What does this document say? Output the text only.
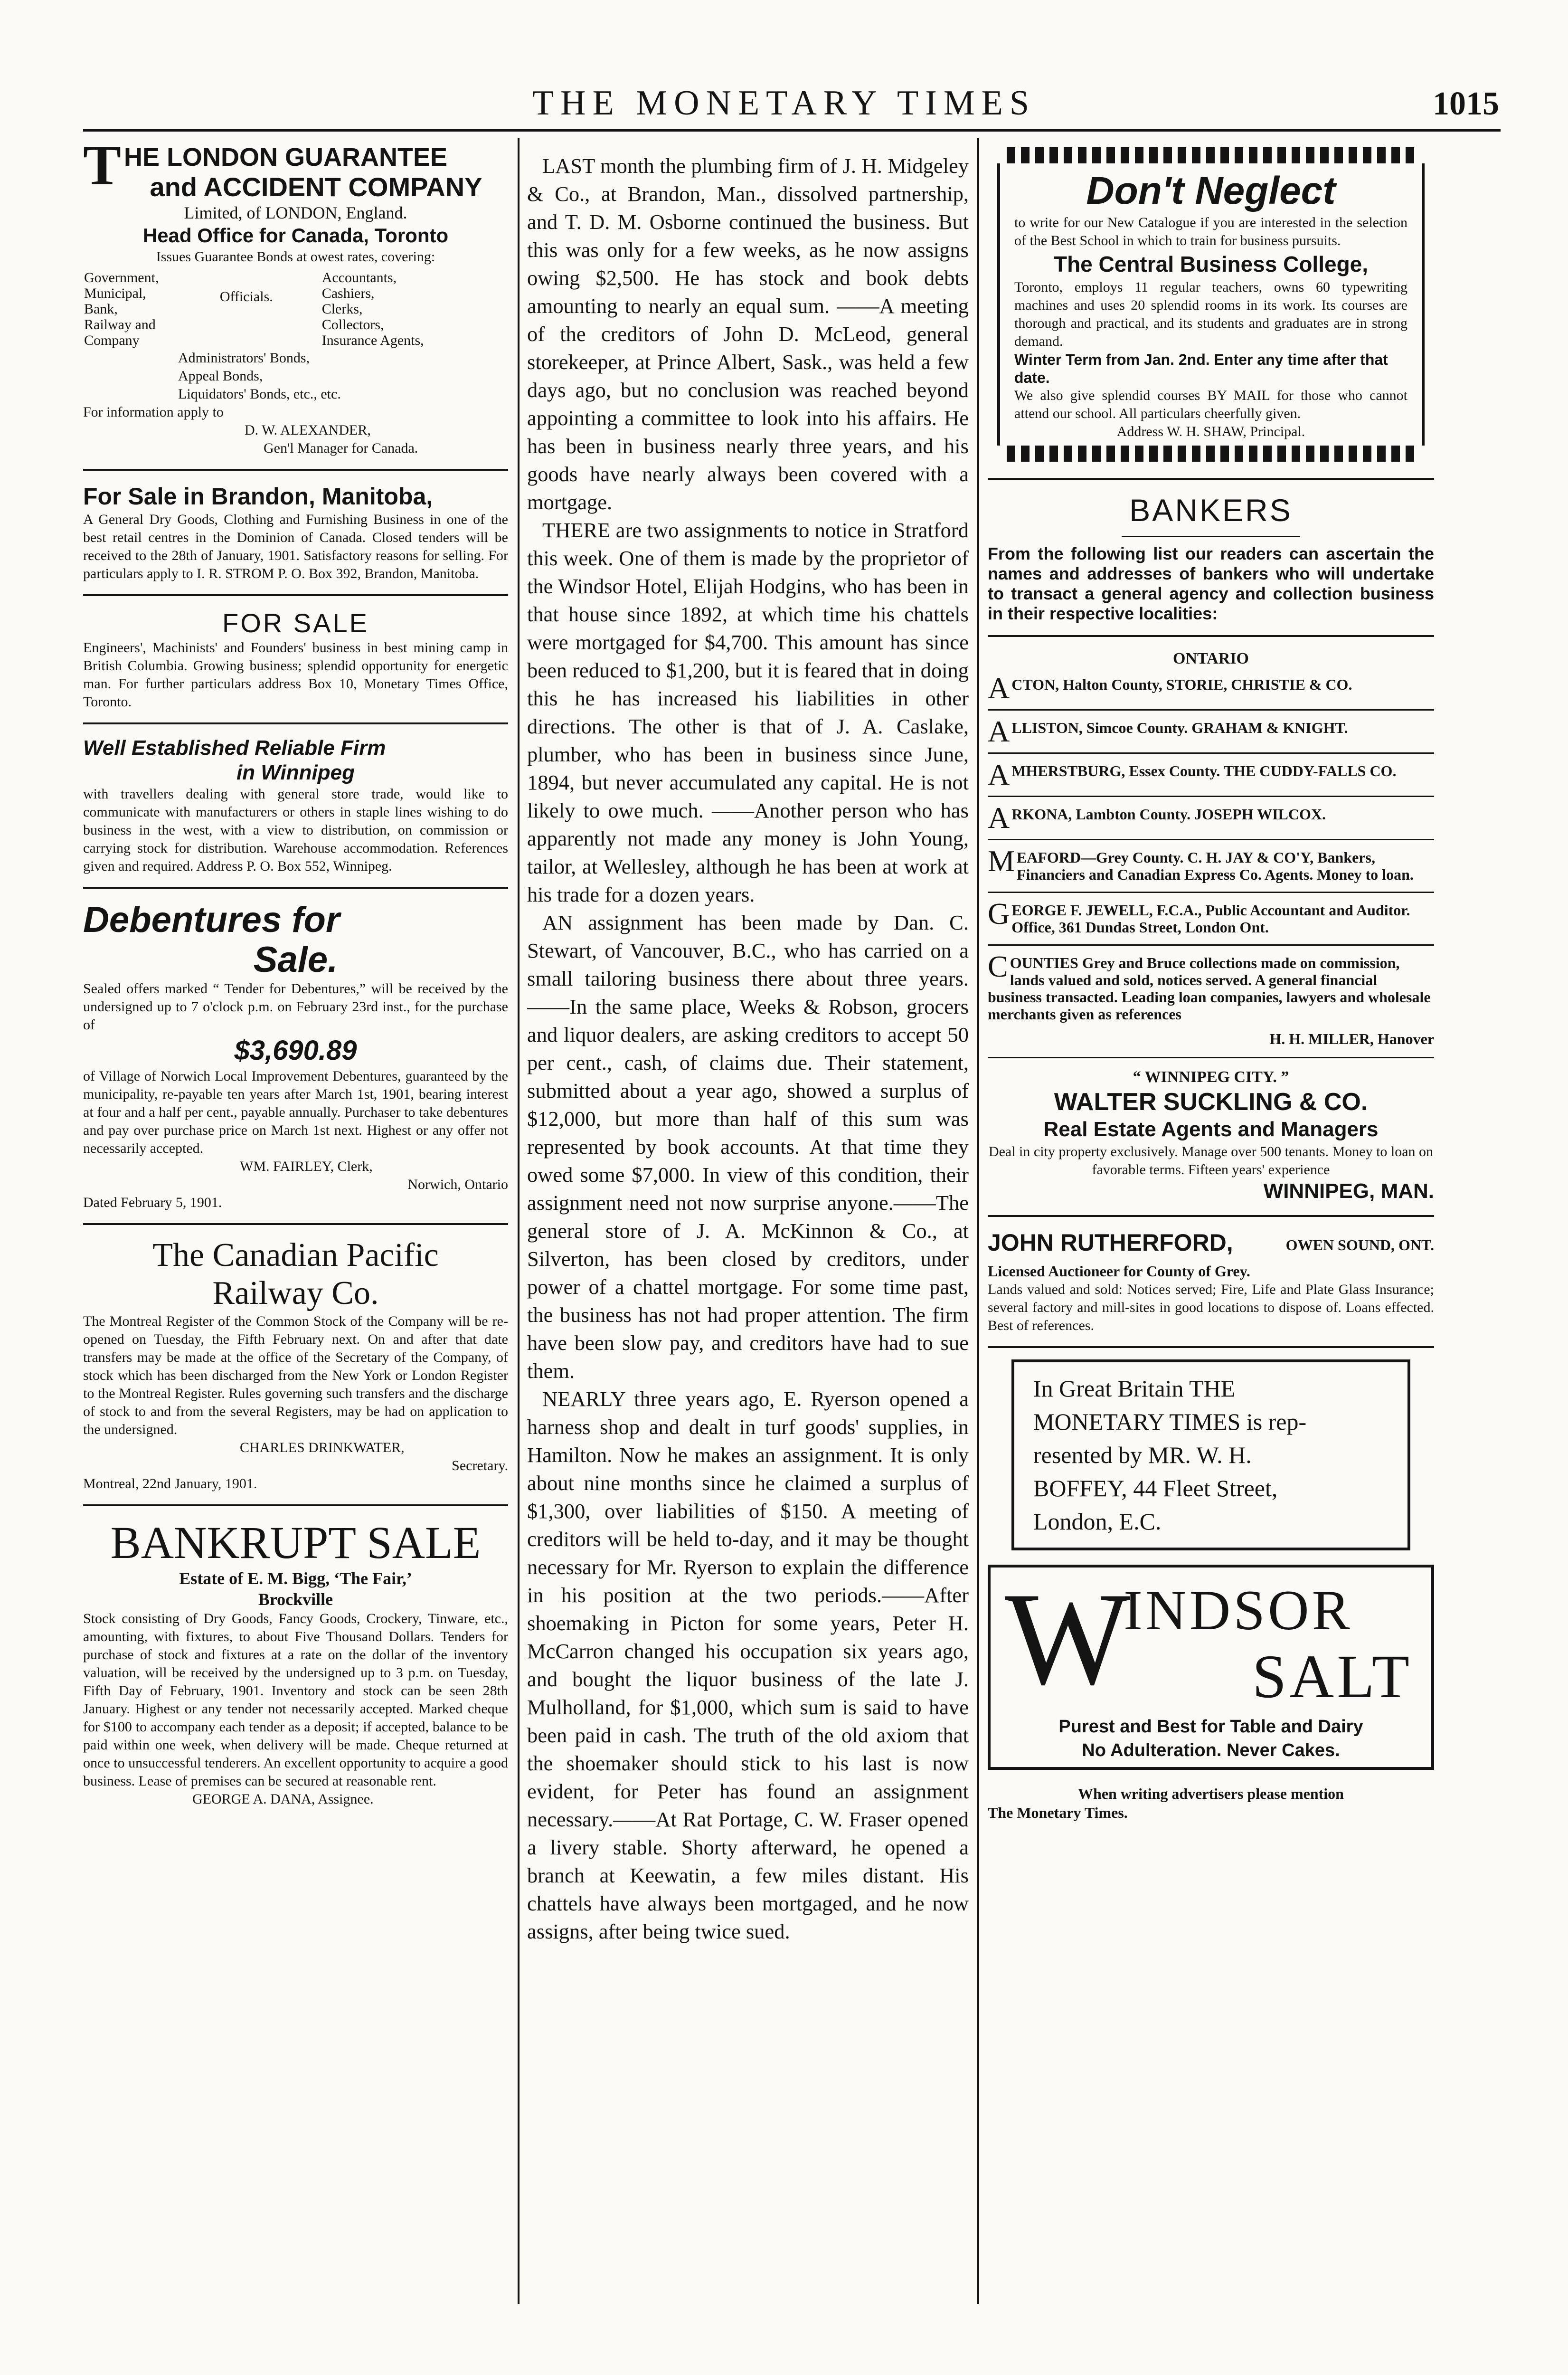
THE MONETARY TIMES	1015
T HE LONDON GUARANTEE
and ACCIDENT COMPANY
Limited, of LONDON, England.
Head Office for Canada, Toronto
Issues Guarantee Bonds at owest rates, covering:
Government,
Municipal,
Bank,
Railway and
Company
	Officials.	
Accountants,
Cashiers,
Clerks,
Collectors,
Insurance Agents,
Administrators' Bonds,
Appeal Bonds,
Liquidators' Bonds, etc., etc.
For information apply to
D. W. ALEXANDER,
Gen'l Manager for Canada.
For Sale in Brandon, Manitoba,
A General Dry Goods, Clothing and Furnishing Business in one of the best retail centres in the Dominion of Canada. Closed tenders will be received to the 28th of January, 1901. Satisfactory reasons for selling. For particulars apply to I. R. STROM P. O. Box 392, Brandon, Manitoba.
FOR SALE
Engineers', Machinists' and Founders' business in best mining camp in British Columbia. Growing business; splendid opportunity for energetic man. For further particulars address Box 10, Monetary Times Office, Toronto.
Well Established Reliable Firm
in Winnipeg
with travellers dealing with general store trade, would like to communicate with manufacturers or others in staple lines wishing to do business in the west, with a view to distribution, on commission or carrying stock for distribution. Warehouse accommodation. References given and required. Address P. O. Box 552, Winnipeg.
Debentures for
Sale.
Sealed offers marked “ Tender for Debentures,” will be received by the undersigned up to 7 o'clock p.m. on February 23rd inst., for the purchase of
$3,690.89
of Village of Norwich Local Improvement Debentures, guaranteed by the municipality, re-payable ten years after March 1st, 1901, bearing interest at four and a half per cent., payable annually. Purchaser to take debentures and pay over purchase price on March 1st next. Highest or any offer not necessarily accepted.
WM. FAIRLEY, Clerk,
Norwich, Ontario
Dated February 5, 1901.
The Canadian Pacific
Railway Co.
The Montreal Register of the Common Stock of the Company will be re-opened on Tuesday, the Fifth February next. On and after that date transfers may be made at the office of the Secretary of the Company, of stock which has been discharged from the New York or London Register to the Montreal Register. Rules governing such transfers and the discharge of stock to and from the several Registers, may be had on application to the undersigned.
CHARLES DRINKWATER,
Secretary.
Montreal, 22nd January, 1901.
BANKRUPT SALE
Estate of E. M. Bigg, ‘The Fair,’
Brockville
Stock consisting of Dry Goods, Fancy Goods, Crockery, Tinware, etc., amounting, with fixtures, to about Five Thousand Dollars. Tenders for purchase of stock and fixtures at a rate on the dollar of the inventory valuation, will be received by the undersigned up to 3 p.m. on Tuesday, Fifth Day of February, 1901. Inventory and stock can be seen 28th January. Highest or any tender not necessarily accepted. Marked cheque for $100 to accompany each tender as a deposit; if accepted, balance to be paid within one week, when delivery will be made. Cheque returned at once to unsuccessful tenderers. An excellent opportunity to acquire a good business. Lease of premises can be secured at reasonable rent.
GEORGE A. DANA, Assignee.

LAST month the plumbing firm of J. H. Midgeley & Co., at Brandon, Man., dissolved partnership, and T. D. M. Osborne continued the business. But this was only for a few weeks, as he now assigns owing $2,500. He has stock and book debts amounting to nearly an equal sum. ——A meeting of the creditors of John D. McLeod, general storekeeper, at Prince Albert, Sask., was held a few days ago, but no conclusion was reached beyond appointing a committee to look into his affairs. He has been in business nearly three years, and his goods have nearly always been covered with a mortgage.

THERE are two assignments to notice in Stratford this week. One of them is made by the proprietor of the Windsor Hotel, Elijah Hodgins, who has been in that house since 1892, at which time his chattels were mortgaged for $4,700. This amount has since been reduced to $1,200, but it is feared that in doing this he has increased his liabilities in other directions. The other is that of J. A. Caslake, plumber, who has been in business since June, 1894, but never accumulated any capital. He is not likely to owe much. ——Another person who has apparently not made any money is John Young, tailor, at Wellesley, although he has been at work at his trade for a dozen years.

AN assignment has been made by Dan. C. Stewart, of Vancouver, B.C., who has carried on a small tailoring business there about three years.——In the same place, Weeks & Robson, grocers and liquor dealers, are asking creditors to accept 50 per cent., cash, of claims due. Their statement, submitted about a year ago, showed a surplus of $12,000, but more than half of this sum was represented by book accounts. At that time they owed some $7,000. In view of this condition, their assignment need not now surprise anyone.——The general store of J. A. McKinnon & Co., at Silverton, has been closed by creditors, under power of a chattel mortgage. For some time past, the business has not had proper attention. The firm have been slow pay, and creditors have had to sue them.

NEARLY three years ago, E. Ryerson opened a harness shop and dealt in turf goods' supplies, in Hamilton. Now he makes an assignment. It is only about nine months since he claimed a surplus of $1,300, over liabilities of $150. A meeting of creditors will be held to-day, and it may be thought necessary for Mr. Ryerson to explain the difference in his position at the two periods.——After shoemaking in Picton for some years, Peter H. McCarron changed his occupation six years ago, and bought the liquor business of the late J. Mulholland, for $1,000, which sum is said to have been paid in cash. The truth of the old axiom that the shoemaker should stick to his last is now evident, for Peter has found an assignment necessary.——At Rat Portage, C. W. Fraser opened a livery stable. Shorty afterward, he opened a branch at Keewatin, a few miles distant. His chattels have always been mortgaged, and he now assigns, after being twice sued.

Don't Neglect
to write for our New Catalogue if you are interested in the selection of the Best School in which to train for business pursuits.
The Central Business College,
Toronto, employs 11 regular teachers, owns 60 typewriting machines and uses 20 splendid rooms in its work. Its courses are thorough and practical, and its students and graduates are in strong demand.
Winter Term from Jan. 2nd. Enter any time after that date.
We also give splendid courses BY MAIL for those who cannot attend our school. All particulars cheerfully given.
Address W. H. SHAW, Principal.
BANKERS
From the following list our readers can ascertain the names and addresses of bankers who will undertake to transact a general agency and collection business in their respective localities:
ONTARIO
ACTON, Halton County, STORIE, CHRISTIE & CO.
ALLISTON, Simcoe County. GRAHAM & KNIGHT.
AMHERSTBURG, Essex County. THE CUDDY-FALLS CO.
ARKONA, Lambton County. JOSEPH WILCOX.
MEAFORD—Grey County. C. H. JAY & CO'Y, Bankers, Financiers and Canadian Express Co. Agents. Money to loan.
GEORGE F. JEWELL, F.C.A., Public Accountant and Auditor. Office, 361 Dundas Street, London Ont.
COUNTIES Grey and Bruce collections made on commission, lands valued and sold, notices served. A general financial business transacted. Leading loan companies, lawyers and wholesale merchants given as references
H. H. MILLER, Hanover
“ WINNIPEG CITY. ”
WALTER SUCKLING & CO.
Real Estate Agents and Managers
Deal in city property exclusively. Manage over 500 tenants. Money to loan on favorable terms. Fifteen years' experience
WINNIPEG, MAN.
JOHN RUTHERFORD,	OWEN SOUND, ONT.
Licensed Auctioneer for County of Grey.
Lands valued and sold: Notices served; Fire, Life and Plate Glass Insurance; several factory and mill-sites in good locations to dispose of. Loans effected. Best of references.
In Great Britain THE
MONETARY TIMES is rep-
resented by MR. W. H.
BOFFEY, 44 Fleet Street,
London, E.C.
W
INDSOR
SALT
Purest and Best for Table and Dairy
No Adulteration. Never Cakes.
When writing advertisers please mention
The Monetary Times.
